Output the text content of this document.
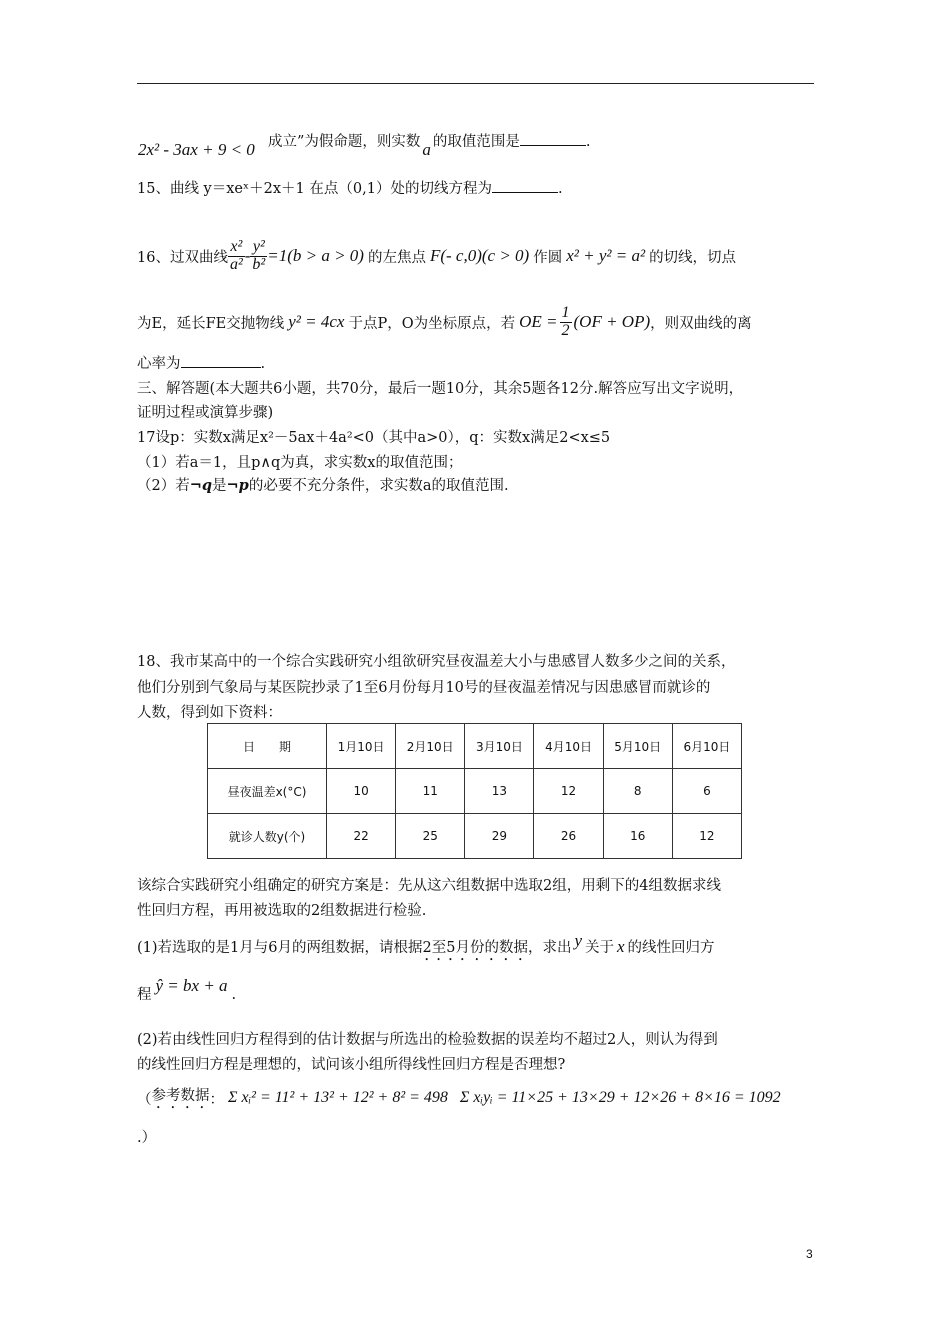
2x² - 3ax + 9 < 0 成立”为假命题，则实数 a 的取值范围是	.
15、曲线 y＝xeˣ＋2x＋1 在点（0,1）处的切线方程为	.
16、过双曲线 $\frac{\text{x²}}{\text{a²}} - \frac{\text{y²}}{\text{b²}} =1(b > a > 0)$ 的左焦点 F(- c,0)(c > 0) 作圆 x² + y² = a² 的切线，切点
为E，延长FE交抛物线 y² = 4cx 于点P，O为坐标原点，若 OE = $\frac{1}{2} (OF + OP)$ ，则双曲线的离
心率为	.
三、解答题(本大题共6小题，共70分，最后一题10分，其余5题各12分.解答应写出文字说明，
证明过程或演算步骤)
17设p：实数x满足x²－5ax＋4a²<0（其中a>0），q：实数x满足2<x≤5
（1）若a＝1，且p∧q为真，求实数x的取值范围；
（2）若¬q是¬p的必要不充分条件，求实数a的取值范围.
18、我市某高中的一个综合实践研究小组欲研究昼夜温差大小与患感冒人数多少之间的关系，
他们分别到气象局与某医院抄录了1至6月份每月10号的昼夜温差情况与因患感冒而就诊的
人数，得到如下资料：
日　　期	1月10日	2月10日	3月10日	4月10日	5月10日	6月10日
昼夜温差x(°C)	10	11	13	12	8	6
就诊人数y(个)	22	25	29	26	16	12
该综合实践研究小组确定的研究方案是：先从这六组数据中选取2组，用剩下的4组数据求线
性回归方程，再用被选取的2组数据进行检验.
(1)若选取的是1月与6月的两组数据，请根据2至5月份的数据，求出 y 关于 x 的线性回归方
程 ŷ = bx + a .
(2)若由线性回归方程得到的估计数据与所选出的检验数据的误差均不超过2人，则认为得到
的线性回归方程是理想的，试问该小组所得线性回归方程是否理想?
（ 参考数据 ： Σ xᵢ² = 11² + 13² + 12² + 8² = 498 Σ xᵢyᵢ = 11×25 + 13×29 + 12×26 + 8×16 = 1092
.）
3
